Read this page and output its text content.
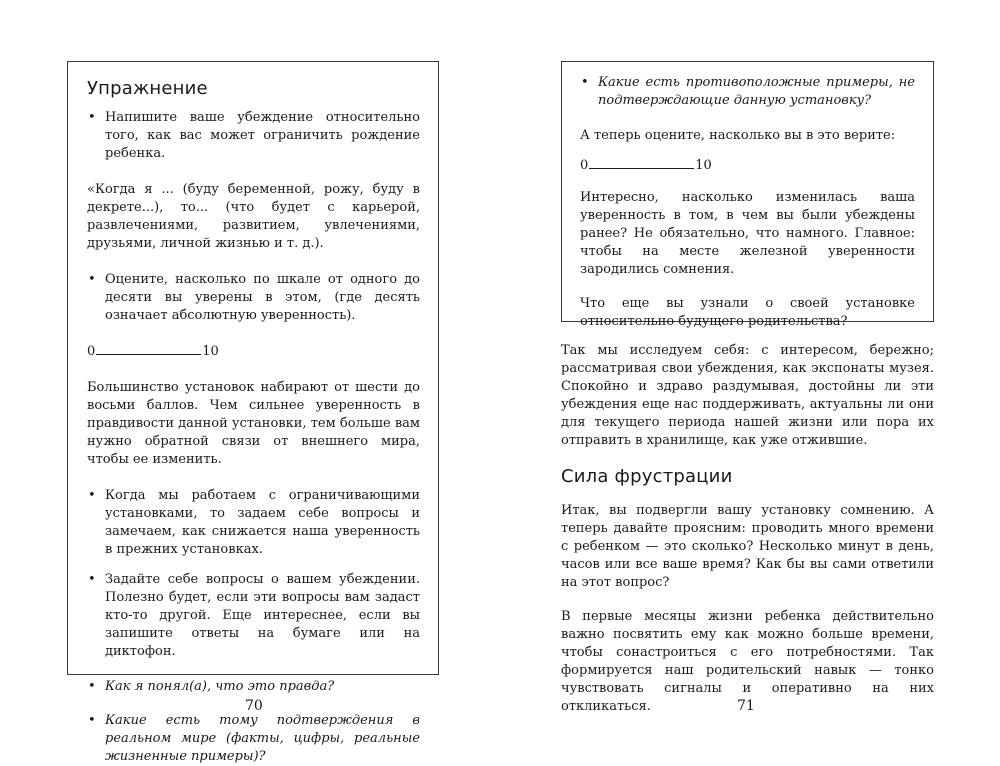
Упражнение

• Напишите ваше убеждение относительно того, как вас может ограничить рождение ребенка.

«Когда я ... (буду беременной, рожу, буду в декрете...), то... (что будет с карьерой, развлечениями, развитием, увлечениями, друзьями, личной жизнью и т. д.).

• Оцените, насколько по шкале от одного до десяти вы уверены в этом, (где десять означает абсолютную уверенность).

0	10

Большинство установок набирают от шести до восьми баллов. Чем сильнее уверенность в правдивости данной установки, тем больше вам нужно обратной связи от внешнего мира, чтобы ее изменить.

• Когда мы работаем с ограничивающими установками, то задаем себе вопросы и замечаем, как снижается наша уверенность в прежних установках.

• Задайте себе вопросы о вашем убеждении. Полезно будет, если эти вопросы вам задаст кто-то другой. Еще интереснее, если вы запишите ответы на бумаге или на диктофон.

• Как я понял(а), что это правда?

• Какие есть тому подтверждения в реальном мире (факты, цифры, реальные жизненные примеры)?

70

• Какие есть противоположные примеры, не подтверждающие данную установку?

А теперь оцените, насколько вы в это верите:

0	10

Интересно, насколько изменилась ваша уверенность в том, в чем вы были убеждены ранее? Не обязательно, что намного. Главное: чтобы на месте железной уверенности зародились сомнения.

Что еще вы узнали о своей установке относительно будущего родительства?

Так мы исследуем себя: с интересом, бережно; рассматривая свои убеждения, как экспонаты музея. Спокойно и здраво раздумывая, достойны ли эти убеждения еще нас поддерживать, актуальны ли они для текущего периода нашей жизни или пора их отправить в хранилище, как уже отжившие.

Сила фрустрации

Итак, вы подвергли вашу установку сомнению. А теперь давайте проясним: проводить много времени с ребенком — это сколько? Несколько минут в день, часов или все ваше время? Как бы вы сами ответили на этот вопрос?

В первые месяцы жизни ребенка действительно важно посвятить ему как можно больше времени, чтобы сонастроиться с его потребностями. Так формируется наш родительский навык — тонко чувствовать сигналы и оперативно на них откликаться.	71
